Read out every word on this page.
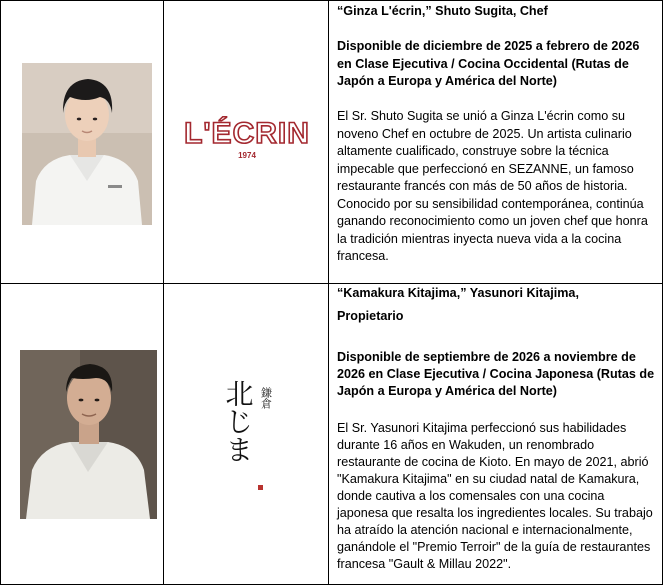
L'ÉCRIN
1974
“Ginza L'écrin,” Shuto Sugita, Chef
Disponible de diciembre de 2025 a febrero de 2026 en Clase Ejecutiva / Cocina Occidental (Rutas de Japón a Europa y América del Norte)
El Sr. Shuto Sugita se unió a Ginza L'écrin como su noveno Chef en octubre de 2025. Un artista culinario altamente cualificado, construye sobre la técnica impecable que perfeccionó en SEZANNE, un famoso restaurante francés con más de 50 años de historia. Conocido por su sensibilidad contemporánea, continúa ganando reconocimiento como un joven chef que honra la tradición mientras inyecta nueva vida a la cocina francesa.
鎌倉
北じま
“Kamakura Kitajima,” Yasunori Kitajima,
Propietario
Disponible de septiembre de 2026 a noviembre de 2026 en Clase Ejecutiva / Cocina Japonesa (Rutas de Japón a Europa y América del Norte)
El Sr. Yasunori Kitajima perfeccionó sus habilidades durante 16 años en Wakuden, un renombrado restaurante de cocina de Kioto. En mayo de 2021, abrió "Kamakura Kitajima" en su ciudad natal de Kamakura, donde cautiva a los comensales con una cocina japonesa que resalta los ingredientes locales. Su trabajo ha atraído la atención nacional e internacionalmente, ganándole el "Premio Terroir" de la guía de restaurantes francesa "Gault & Millau 2022".
